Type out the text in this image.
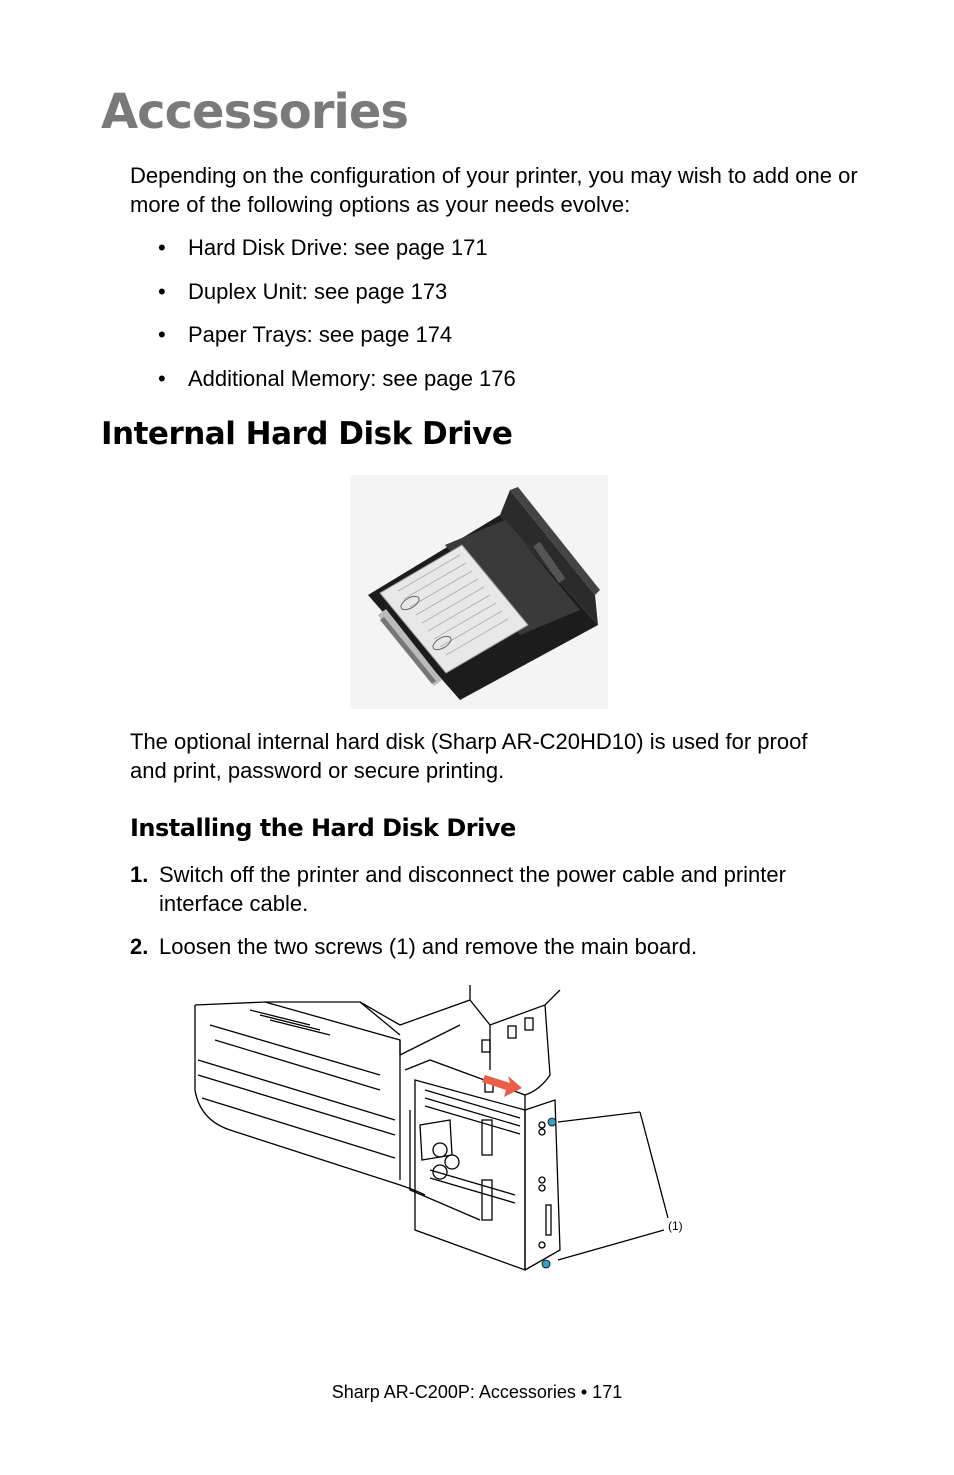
Accessories

Depending on the configuration of your printer, you may wish to add one or more of the following options as your needs evolve:

• Hard Disk Drive: see page 171
• Duplex Unit: see page 173
• Paper Trays: see page 174
• Additional Memory: see page 176
Internal Hard Disk Drive

The optional internal hard disk (Sharp AR-C20HD10) is used for proof and print, password or secure printing.

Installing the Hard Disk Drive
1. Switch off the printer and disconnect the power cable and printer interface cable.
2. Loosen the two screws (1) and remove the main board.
(1)
Sharp AR-C200P: Accessories • 171
